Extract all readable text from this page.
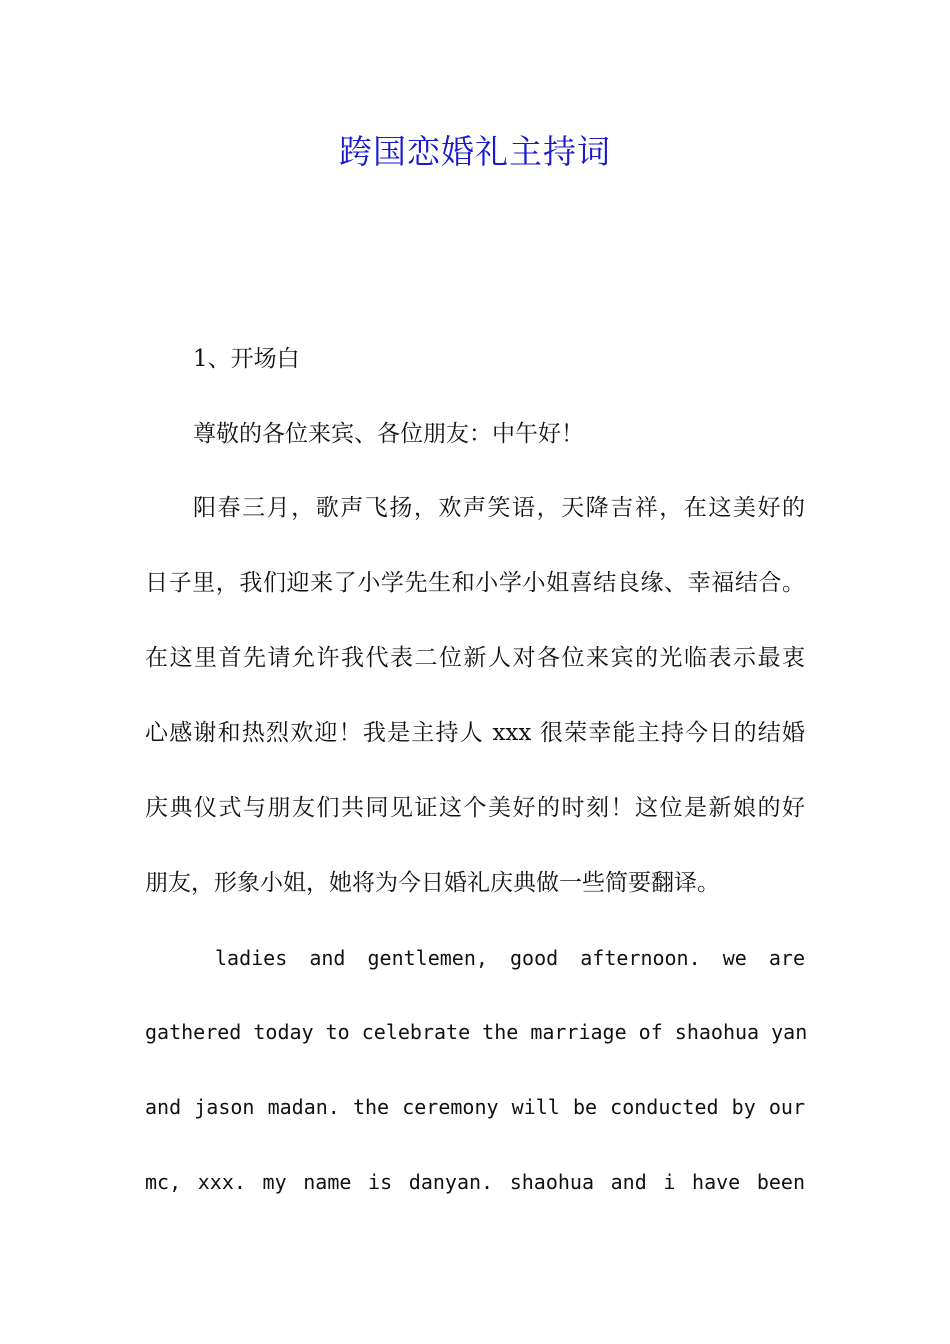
跨国恋婚礼主持词
1、开场白
尊敬的各位来宾、各位朋友：中午好！
阳春三月，歌声飞扬，欢声笑语，天降吉祥，在这美好的
日子里，我们迎来了小学先生和小学小姐喜结良缘、幸福结合。
在这里首先请允许我代表二位新人对各位来宾的光临表示最衷
心感谢和热烈欢迎！我是主持人 xxx 很荣幸能主持今日的结婚
庆典仪式与朋友们共同见证这个美好的时刻！这位是新娘的好
朋友，形象小姐，她将为今日婚礼庆典做一些简要翻译。
ladies and gentlemen, good afternoon. we are
gathered today to celebrate the marriage of shaohua yan
and jason madan. the ceremony will be conducted by our
mc, xxx. my name is danyan. shaohua and i have been
